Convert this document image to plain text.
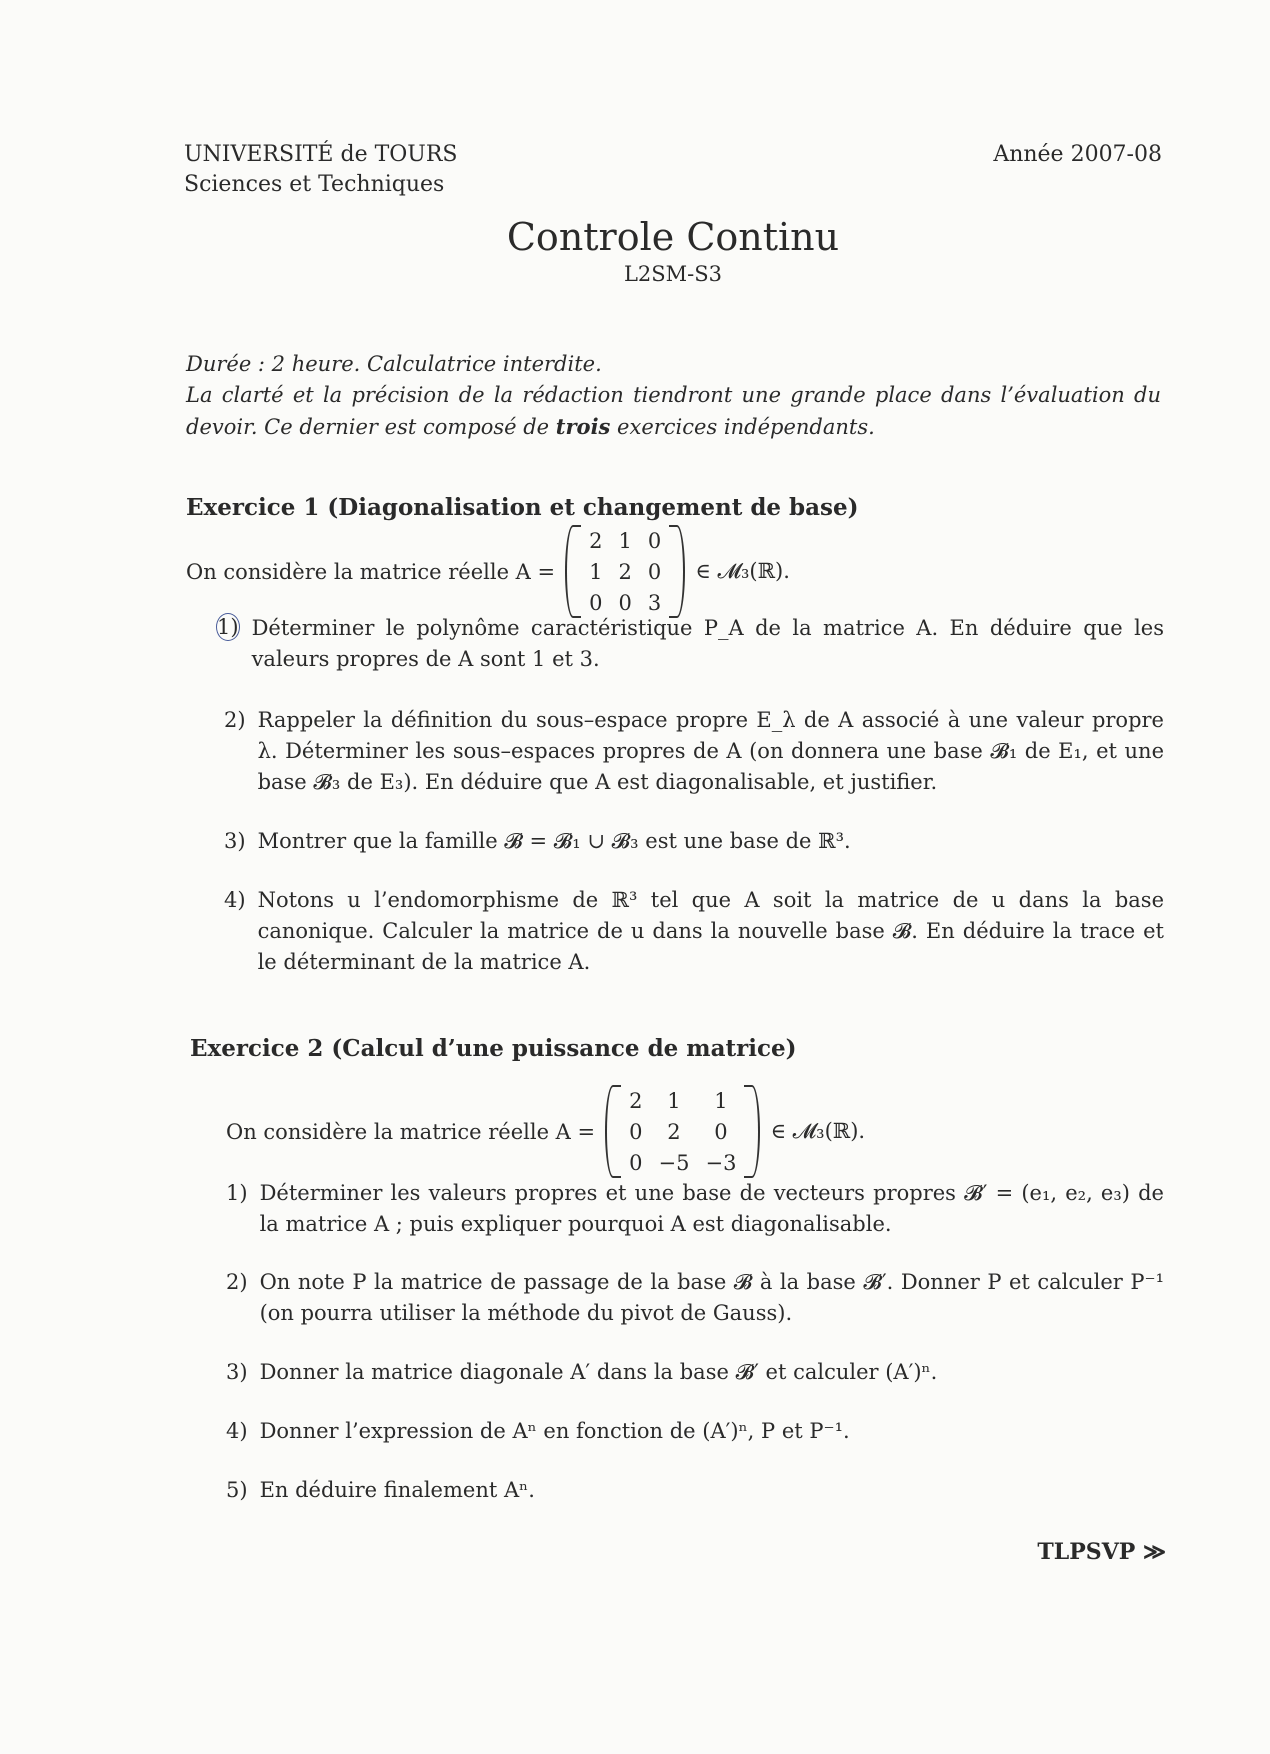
UNIVERSITÉ de TOURS
Sciences et Techniques
Année 2007-08
Controle Continu
L2SM-S3
Durée : 2 heure. Calculatrice interdite.
La clarté et la précision de la rédaction tiendront une grande place dans l’évaluation du devoir. Ce dernier est composé de trois exercices indépendants.
Exercice 1 (Diagonalisation et changement de base)
On considère la matrice réelle A =
2	1	0
1	2	0
0	0	3
∈ 𝓜₃(ℝ).
1) Déterminer le polynôme caractéristique P_A de la matrice A. En déduire que les valeurs propres de A sont 1 et 3.
2) Rappeler la définition du sous–espace propre E_λ de A associé à une valeur propre λ. Déterminer les sous–espaces propres de A (on donnera une base 𝓑₁ de E₁, et une base 𝓑₃ de E₃). En déduire que A est diagonalisable, et justifier.
3) Montrer que la famille 𝓑 = 𝓑₁ ∪ 𝓑₃ est une base de ℝ³.
4) Notons u l’endomorphisme de ℝ³ tel que A soit la matrice de u dans la base canonique. Calculer la matrice de u dans la nouvelle base 𝓑. En déduire la trace et le déterminant de la matrice A.
Exercice 2 (Calcul d’une puissance de matrice)
On considère la matrice réelle A =
2	1	1
0	2	0
0	−5	−3
∈ 𝓜₃(ℝ).
1) Déterminer les valeurs propres et une base de vecteurs propres 𝓑′ = (e₁, e₂, e₃) de la matrice A ; puis expliquer pourquoi A est diagonalisable.
2) On note P la matrice de passage de la base 𝓑 à la base 𝓑′. Donner P et calculer P⁻¹ (on pourra utiliser la méthode du pivot de Gauss).
3) Donner la matrice diagonale A′ dans la base 𝓑′ et calculer (A′)ⁿ.
4) Donner l’expression de Aⁿ en fonction de (A′)ⁿ, P et P⁻¹.
5) En déduire finalement Aⁿ.
TLPSVP ≫
